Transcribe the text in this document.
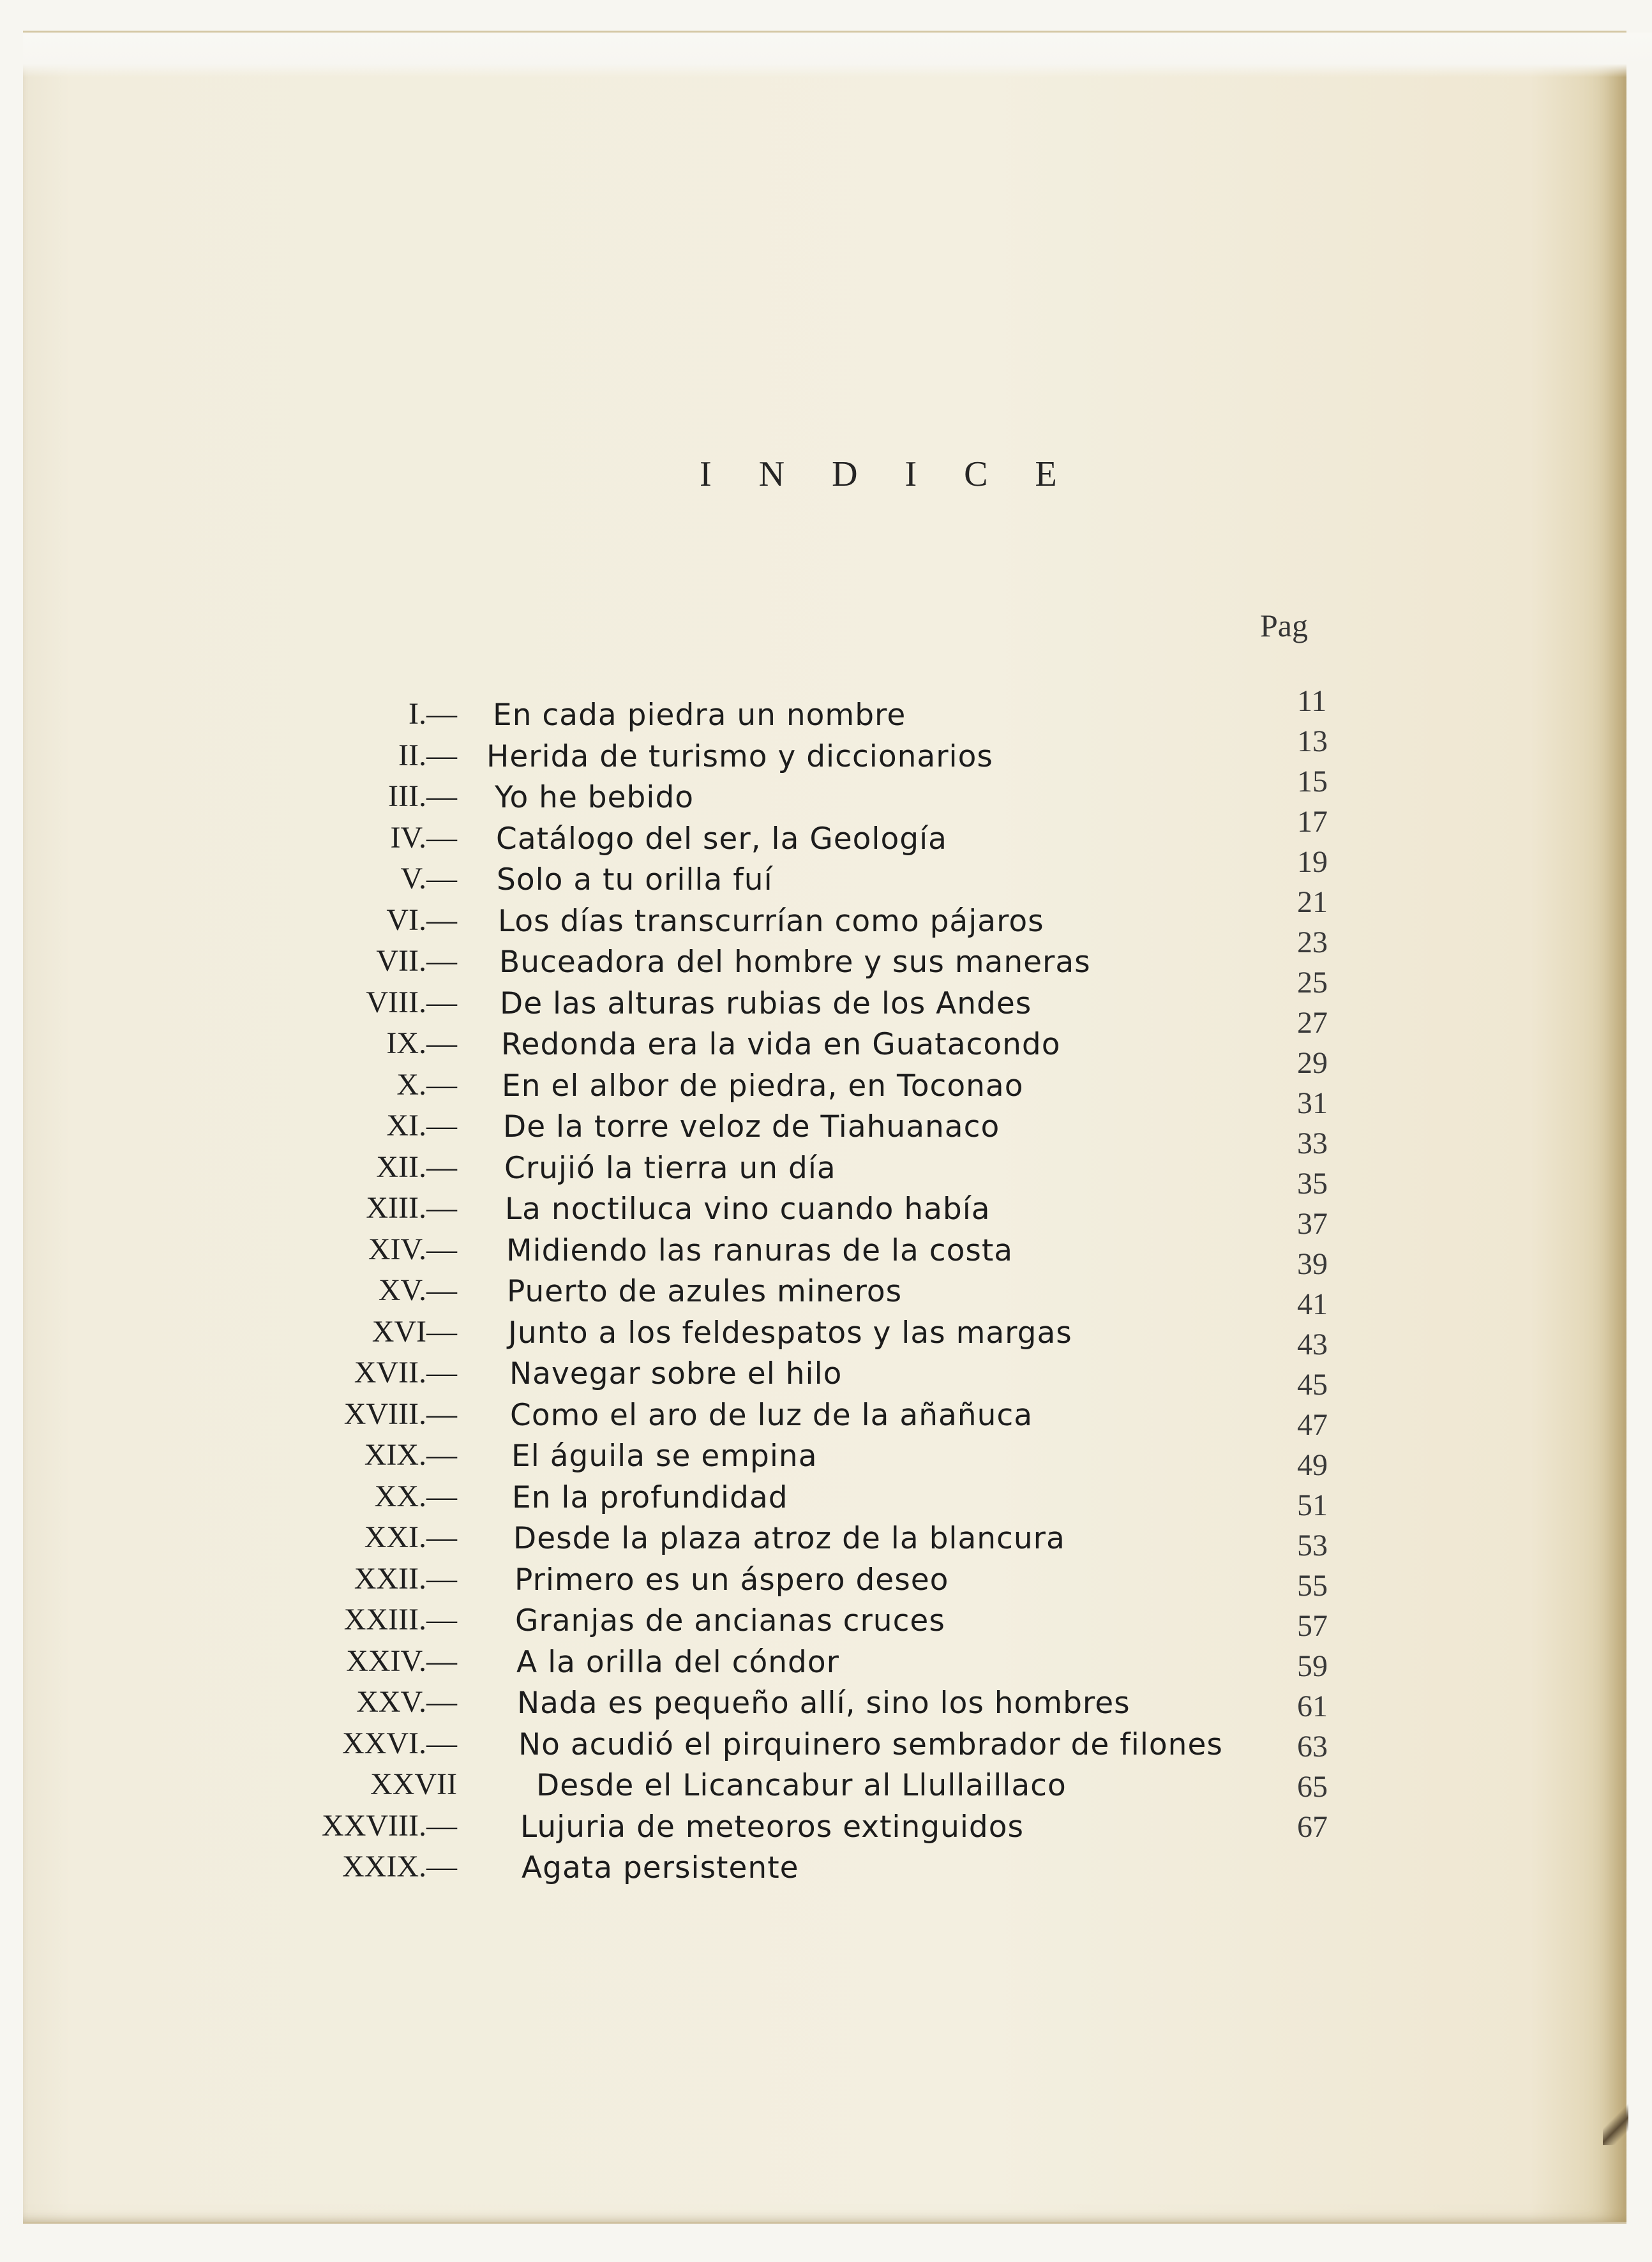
I N D I C E
Pag
I.— En cada piedra un nombre
II.— Herida de turismo y diccionarios
III.— Yo he bebido
IV.— Catálogo del ser, la Geología
V.— Solo a tu orilla fuí
VI.— Los días transcurrían como pájaros
VII.— Buceadora del hombre y sus maneras
VIII.— De las alturas rubias de los Andes
IX.— Redonda era la vida en Guatacondo
X.— En el albor de piedra, en Toconao
XI.— De la torre veloz de Tiahuanaco
XII.— Crujió la tierra un día
XIII.— La noctiluca vino cuando había
XIV.— Midiendo las ranuras de la costa
XV.— Puerto de azules mineros
XVI— Junto a los feldespatos y las margas
XVII.— Navegar sobre el hilo
XVIII.— Como el aro de luz de la añañuca
XIX.— El águila se empina
XX.— En la profundidad
XXI.— Desde la plaza atroz de la blancura
XXII.— Primero es un áspero deseo
XXIII.— Granjas de ancianas cruces
XXIV.— A la orilla del cóndor
XXV.— Nada es pequeño allí, sino los hombres
XXVI.— No acudió el pirquinero sembrador de filones
XXVII	Desde el Licancabur al Llullaillaco
XXVIII.— Lujuria de meteoros extinguidos
XXIX.— Agata persistente
11
13
15
17
19
21
23
25
27
29
31
33
35
37
39
41
43
45
47
49
51
53
55
57
59
61
63
65
67
